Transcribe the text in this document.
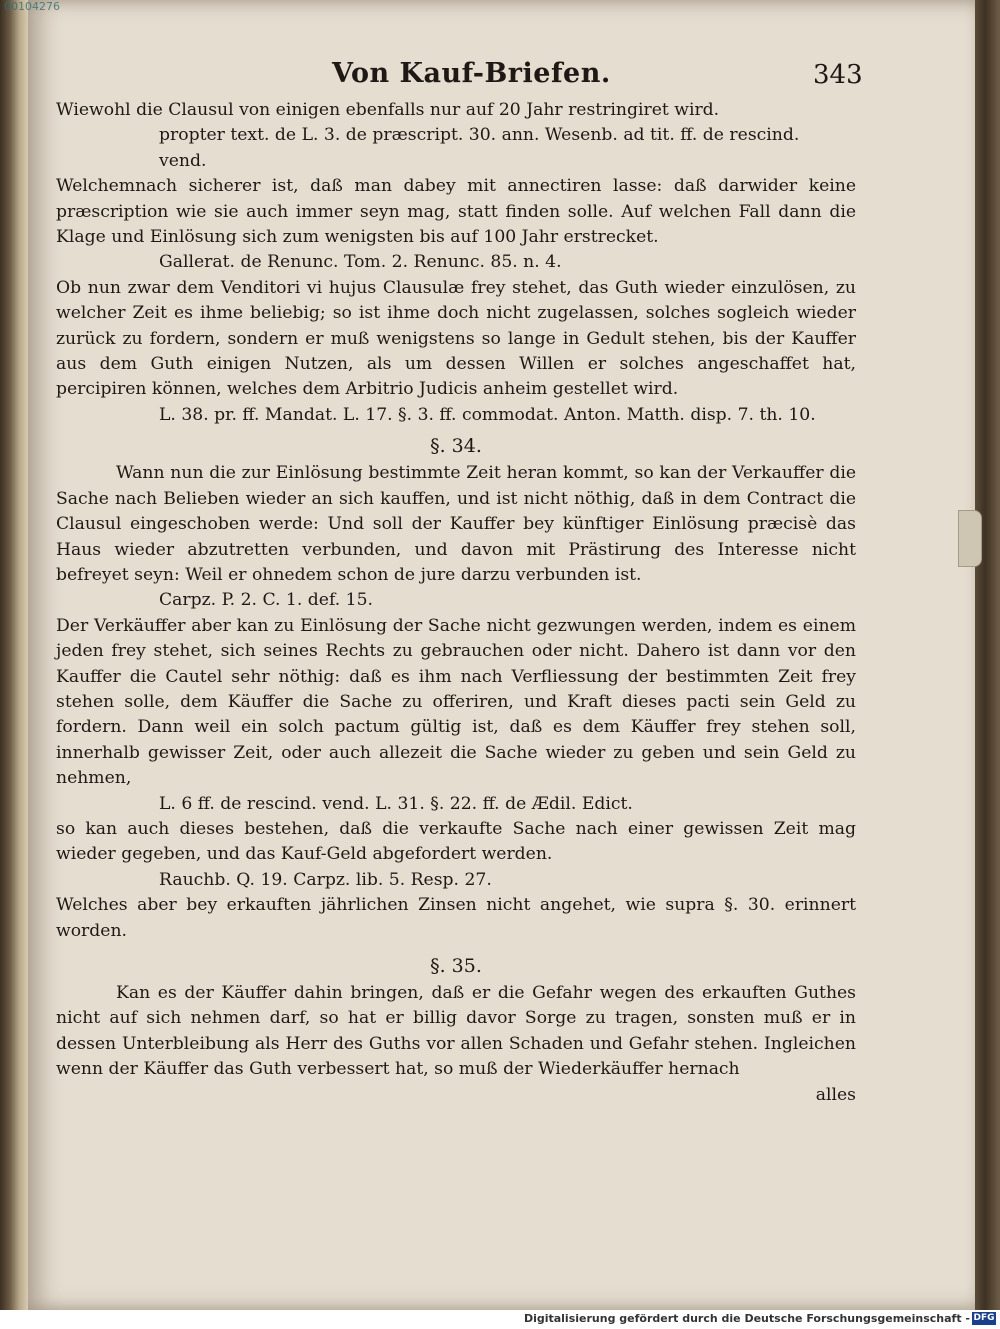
00104276
Von Kauf-Briefen.	343

Wiewohl die Clausul von einigen ebenfalls nur auf 20 Jahr restringiret wird.

propter text. de L. 3. de præscript. 30. ann. Wesenb. ad tit. ff. de rescind. vend.

Welchemnach sicherer ist, daß man dabey mit annectiren lasse: daß darwider keine præscription wie sie auch immer seyn mag, statt finden solle. Auf welchen Fall dann die Klage und Einlösung sich zum wenigsten bis auf 100 Jahr erstrecket.

Gallerat. de Renunc. Tom. 2. Renunc. 85. n. 4.

Ob nun zwar dem Venditori vi hujus Clausulæ frey stehet, das Guth wieder einzulösen, zu welcher Zeit es ihme beliebig; so ist ihme doch nicht zugelassen, solches sogleich wieder zurück zu fordern, sondern er muß wenigstens so lange in Gedult stehen, bis der Kauffer aus dem Guth einigen Nutzen, als um dessen Willen er solches angeschaffet hat, percipiren können, welches dem Arbitrio Judicis anheim gestellet wird.

L. 38. pr. ff. Mandat. L. 17. §. 3. ff. commodat. Anton. Matth. disp. 7. th. 10.

§. 34.

Wann nun die zur Einlösung bestimmte Zeit heran kommt, so kan der Verkauffer die Sache nach Belieben wieder an sich kauffen, und ist nicht nöthig, daß in dem Contract die Clausul eingeschoben werde: Und soll der Kauffer bey künftiger Einlösung præcisè das Haus wieder abzutretten verbunden, und davon mit Prästirung des Interesse nicht befreyet seyn: Weil er ohnedem schon de jure darzu verbunden ist.

Carpz. P. 2. C. 1. def. 15.

Der Verkäuffer aber kan zu Einlösung der Sache nicht gezwungen werden, indem es einem jeden frey stehet, sich seines Rechts zu gebrauchen oder nicht. Dahero ist dann vor den Kauffer die Cautel sehr nöthig: daß es ihm nach Verfliessung der bestimmten Zeit frey stehen solle, dem Käuffer die Sache zu offeriren, und Kraft dieses pacti sein Geld zu fordern. Dann weil ein solch pactum gültig ist, daß es dem Käuffer frey stehen soll, innerhalb gewisser Zeit, oder auch allezeit die Sache wieder zu geben und sein Geld zu nehmen,

L. 6 ff. de rescind. vend. L. 31. §. 22. ff. de Ædil. Edict.

so kan auch dieses bestehen, daß die verkaufte Sache nach einer gewissen Zeit mag wieder gegeben, und das Kauf-Geld abgefordert werden.

Rauchb. Q. 19. Carpz. lib. 5. Resp. 27.

Welches aber bey erkauften jährlichen Zinsen nicht angehet, wie supra §. 30. erinnert worden.

§. 35.

Kan es der Käuffer dahin bringen, daß er die Gefahr wegen des erkauften Guthes nicht auf sich nehmen darf, so hat er billig davor Sorge zu tragen, sonsten muß er in dessen Unterbleibung als Herr des Guths vor allen Schaden und Gefahr stehen. Ingleichen wenn der Käuffer das Guth verbessert hat, so muß der Wiederkäuffer hernach

alles

Digitalisierung gefördert durch die Deutsche Forschungsgemeinschaft - DFG
